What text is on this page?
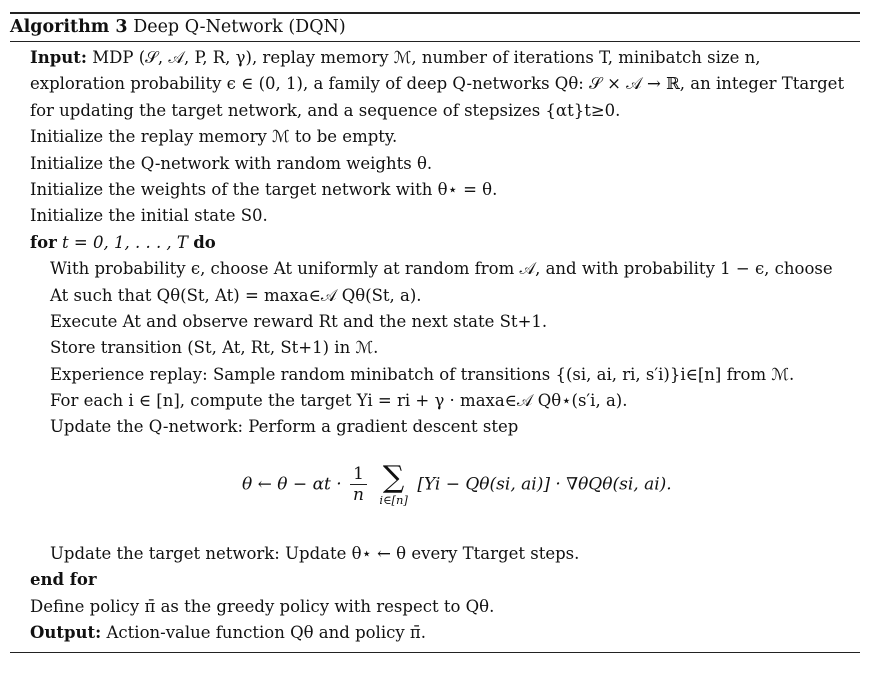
Algorithm 3 Deep Q-Network (DQN)
Input: MDP (𝒮, 𝒜, P, R, γ), replay memory ℳ, number of iterations T, minibatch size n,
exploration probability ϵ ∈ (0, 1), a family of deep Q-networks Qθ: 𝒮 × 𝒜 → ℝ, an integer Ttarget
for updating the target network, and a sequence of stepsizes {αt}t≥0.
Initialize the replay memory ℳ to be empty.
Initialize the Q-network with random weights θ.
Initialize the weights of the target network with θ⋆ = θ.
Initialize the initial state S0.
for t = 0, 1, . . . , T do
With probability ϵ, choose At uniformly at random from 𝒜, and with probability 1 − ϵ, choose
At such that Qθ(St, At) = maxa∈𝒜 Qθ(St, a).
Execute At and observe reward Rt and the next state St+1.
Store transition (St, At, Rt, St+1) in ℳ.
Experience replay: Sample random minibatch of transitions {(si, ai, ri, s′i)}i∈[n] from ℳ.
For each i ∈ [n], compute the target Yi = ri + γ · maxa∈𝒜 Qθ⋆(s′i, a).
Update the Q-network: Perform a gradient descent step
θ ← $\theta - \alpha t \cdot \frac{1}{n}$
∑
i∈[n]
[Yi − Qθ(si, ai)] · ∇θQθ(si, ai).
Update the target network: Update θ⋆ ← θ every Ttarget steps.
end for
Define policy π̄ as the greedy policy with respect to Qθ.
Output: Action-value function Qθ and policy π̄.
